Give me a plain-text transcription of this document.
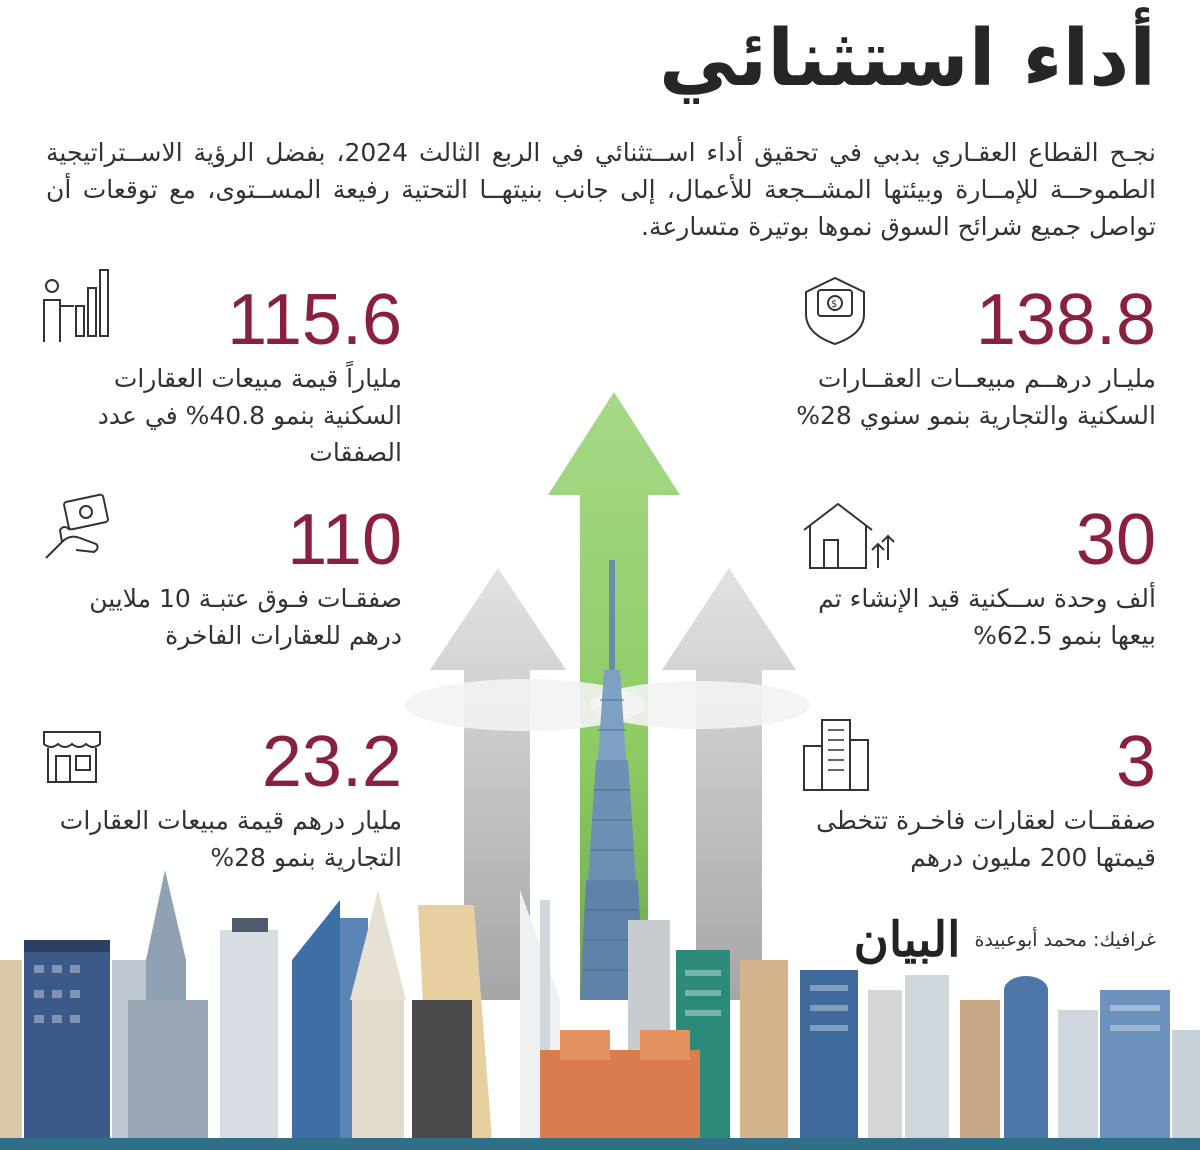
أداء استثنائي
نجـح القطاع العقـاري بدبي في تحقيق أداء اســتثنائي في الربع الثالث 2024، بفضل الرؤية الاســتراتيجية الطموحــة للإمــارة وبيئتها المشــجعة للأعمال، إلى جانب بنيتهــا التحتية رفيعة المســتوى، مع توقعات أن تواصل جميع شرائح السوق نموها بوتيرة متسارعة.
138.8
مليـار درهــم مبيعــات العقــارات السكنية والتجارية بنمو سنوي 28%
30
ألف وحدة ســكنية قيد الإنشاء تم بيعها بنمو 62.5%
3
صفقــات لعقارات فاخـرة تتخطى قيمتها 200 مليون درهم
115.6
ملياراً قيمة مبيعات العقارات السكنية بنمو 40.8% في عدد الصفقات
110
صفقـات فـوق عتبـة 10 ملايين درهم للعقارات الفاخرة
23.2
مليار درهم قيمة مبيعات العقارات التجارية بنمو 28%
$
غرافيك: محمد أبوعبيدة
البيان
